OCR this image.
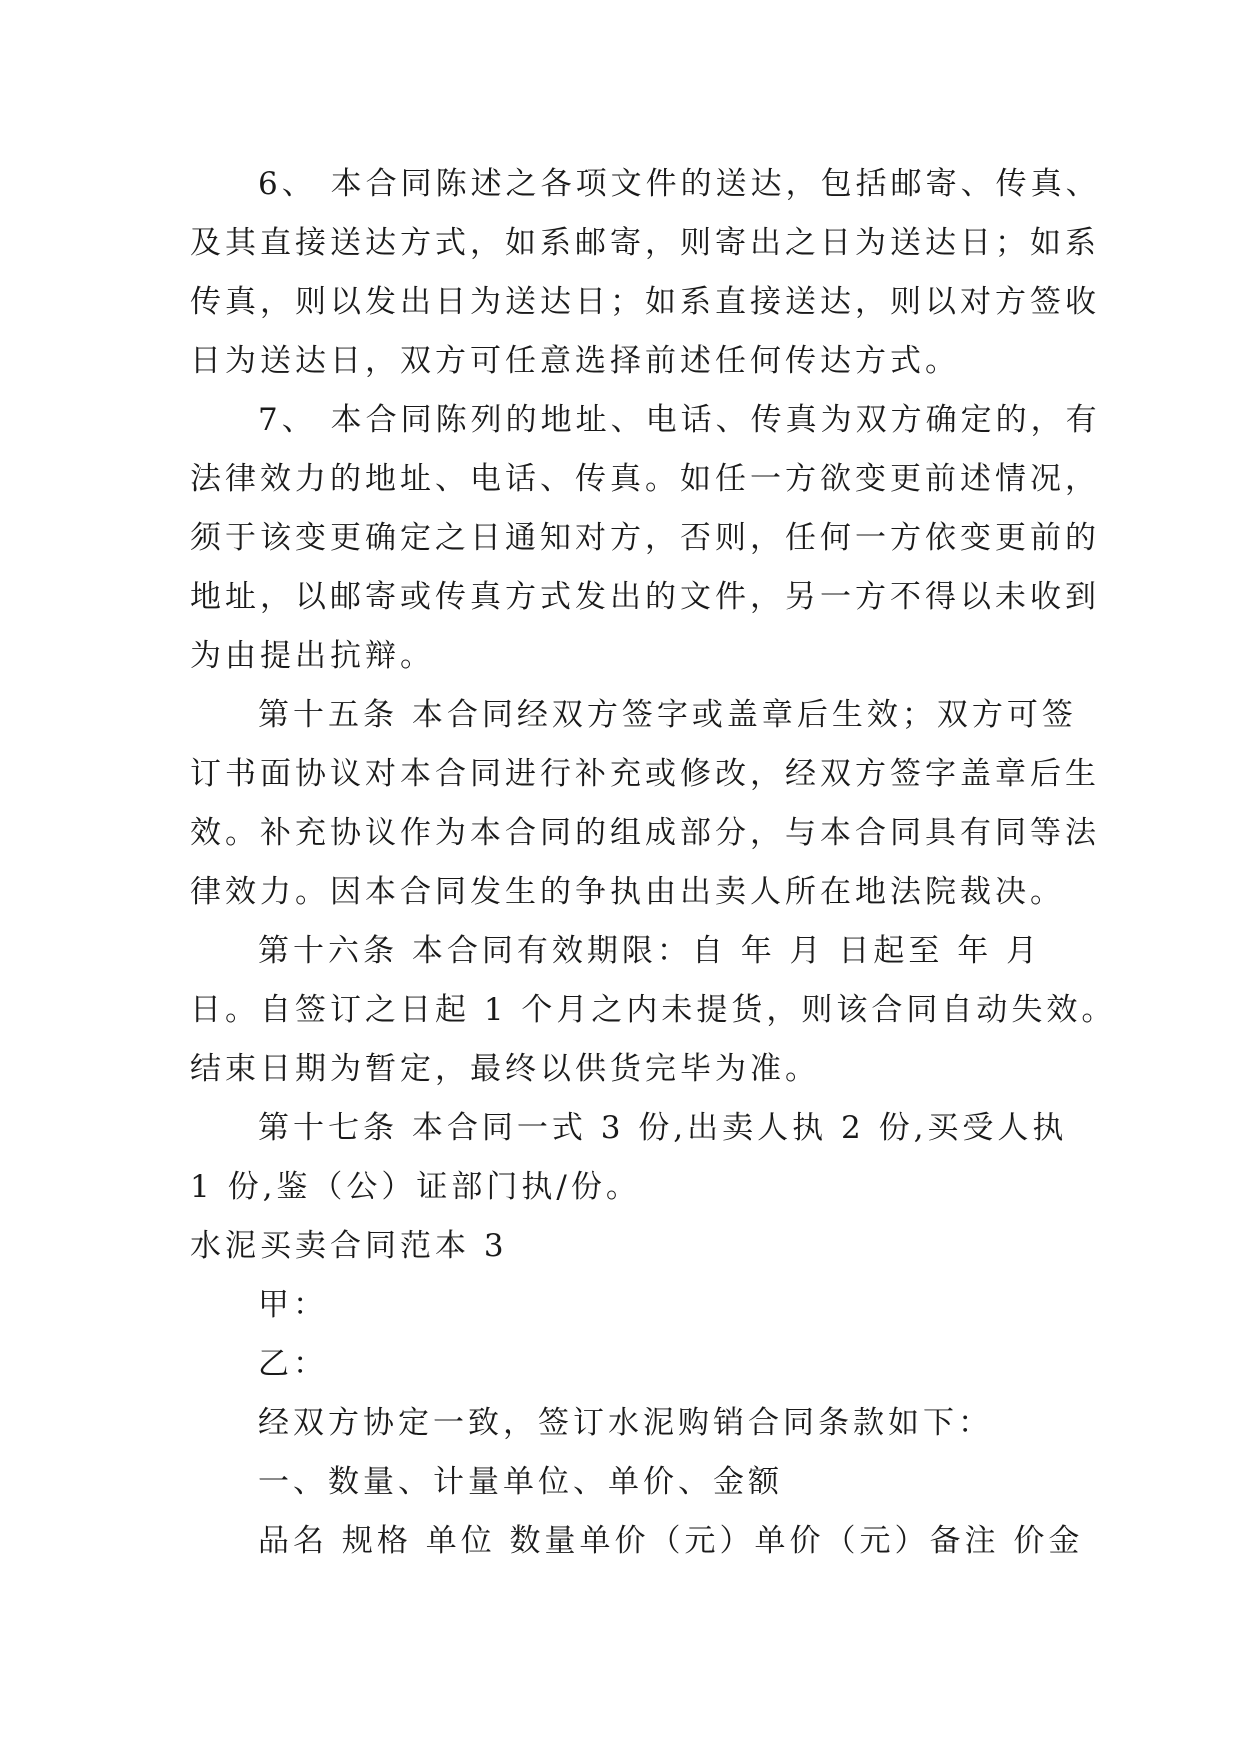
6、 本合同陈述之各项文件的送达，包括邮寄、传真、
及其直接送达方式，如系邮寄，则寄出之日为送达日；如系
传真，则以发出日为送达日；如系直接送达，则以对方签收
日为送达日，双方可任意选择前述任何传达方式。
7、 本合同陈列的地址、电话、传真为双方确定的，有
法律效力的地址、电话、传真。如任一方欲变更前述情况，
须于该变更确定之日通知对方，否则，任何一方依变更前的
地址，以邮寄或传真方式发出的文件，另一方不得以未收到
为由提出抗辩。
第十五条 本合同经双方签字或盖章后生效；双方可签
订书面协议对本合同进行补充或修改，经双方签字盖章后生
效。补充协议作为本合同的组成部分，与本合同具有同等法
律效力。因本合同发生的争执由出卖人所在地法院裁决。
第十六条 本合同有效期限：自 年 月 日起至 年 月
日。自签订之日起 1 个月之内未提货，则该合同自动失效。
结束日期为暂定，最终以供货完毕为准。
第十七条 本合同一式 3 份,出卖人执 2 份,买受人执
1 份,鉴（公）证部门执/份。
水泥买卖合同范本 3
甲：
乙：
经双方协定一致，签订水泥购销合同条款如下：
一、数量、计量单位、单价、金额
品名 规格 单位 数量单价（元）单价（元）备注 价金
